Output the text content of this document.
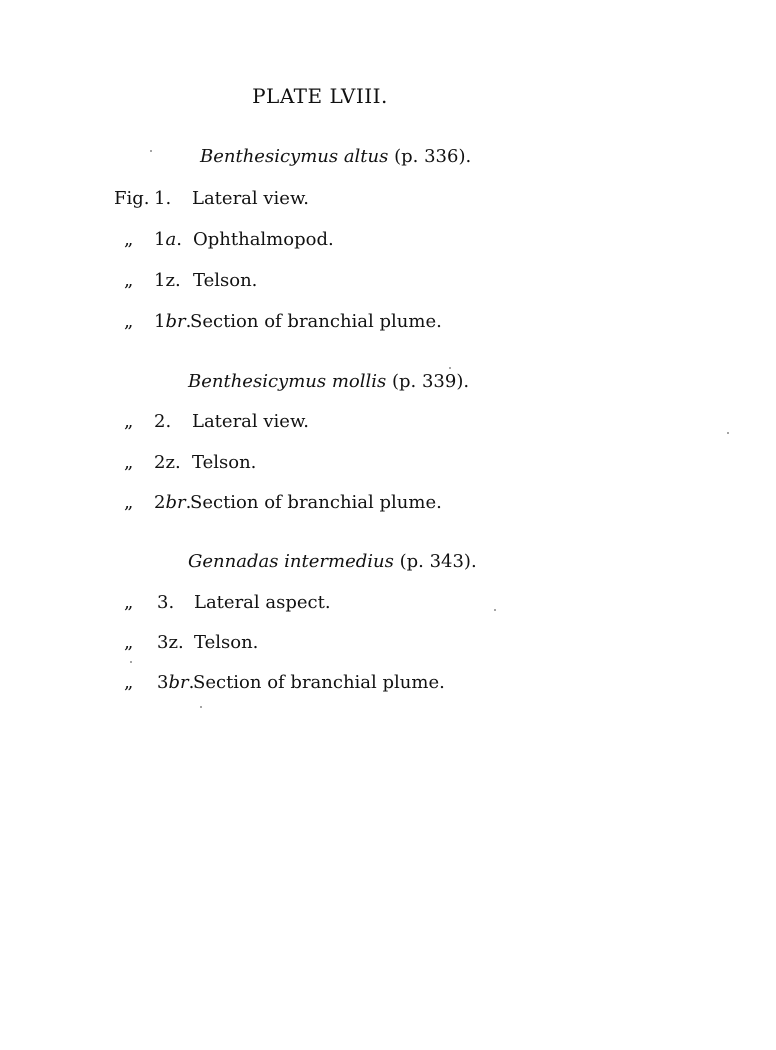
PLATE LVIII.
Benthesicymus altus (p. 336).
Fig. 1. Lateral view.
„ 1a. Ophthalmopod.
„ 1z. Telson.
„ 1br.
Section of branchial plume.
Benthesicymus mollis (p. 339).
„ 2. Lateral view.
„ 2z. Telson.
„ 2br.
Section of branchial plume.
Gennadas intermedius (p. 343).
„ 3. Lateral aspect.
„ 3z. Telson.
„ 3br.
Section of branchial plume.
